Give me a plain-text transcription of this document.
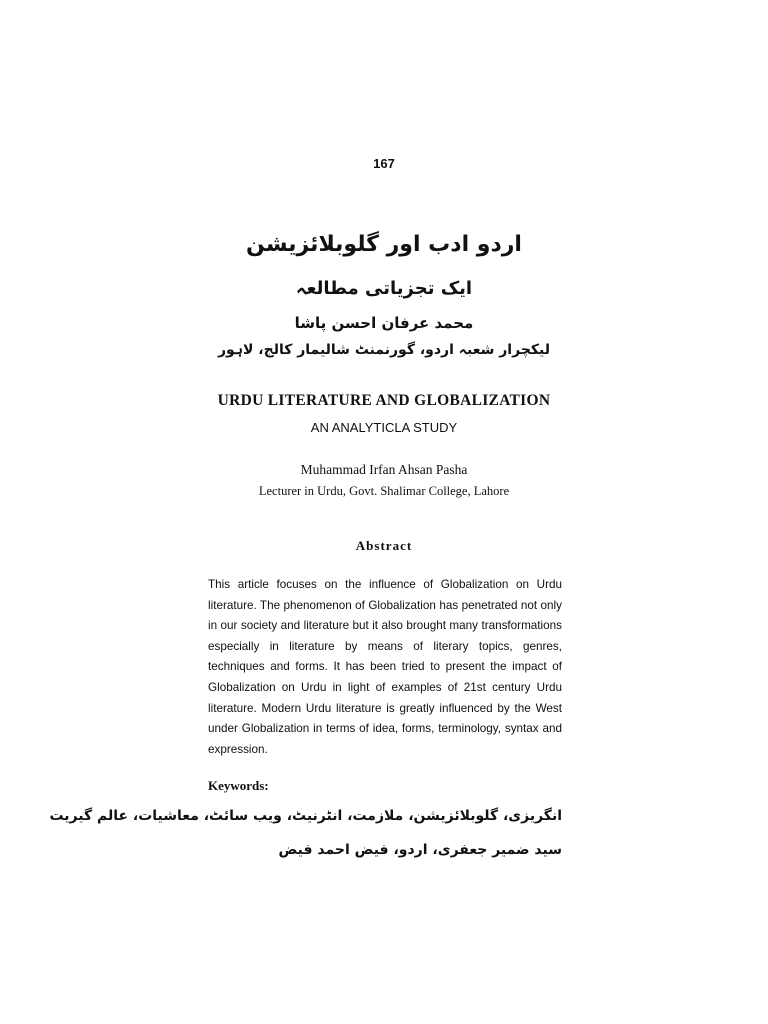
167
اردو ادب اور گلوبلائزیشن
ایک تجزیاتی مطالعہ
محمد عرفان احسن پاشا
لیکچرار شعبہ اردو، گورنمنٹ شالیمار کالج، لاہور
URDU LITERATURE AND GLOBALIZATION
AN ANALYTICLA STUDY
Muhammad Irfan Ahsan Pasha
Lecturer in Urdu, Govt. Shalimar College, Lahore
Abstract
This article focuses on the influence of Globalization on Urdu literature. The phenomenon of Globalization has penetrated not only in our society and literature but it also brought many transformations especially in literature by means of literary topics, genres, techniques and forms. It has been tried to present the impact of Globalization on Urdu in light of examples of 21st century Urdu literature. Modern Urdu literature is greatly influenced by the West under Globalization in terms of idea, forms, terminology, syntax and expression.
Keywords:
انگریزی، گلوبلائزیشن، ملازمت، انٹرنیٹ، ویب سائٹ، معاشیات، عالم گیریت
سید ضمیر جعفری، اردو، فیض احمد فیض
